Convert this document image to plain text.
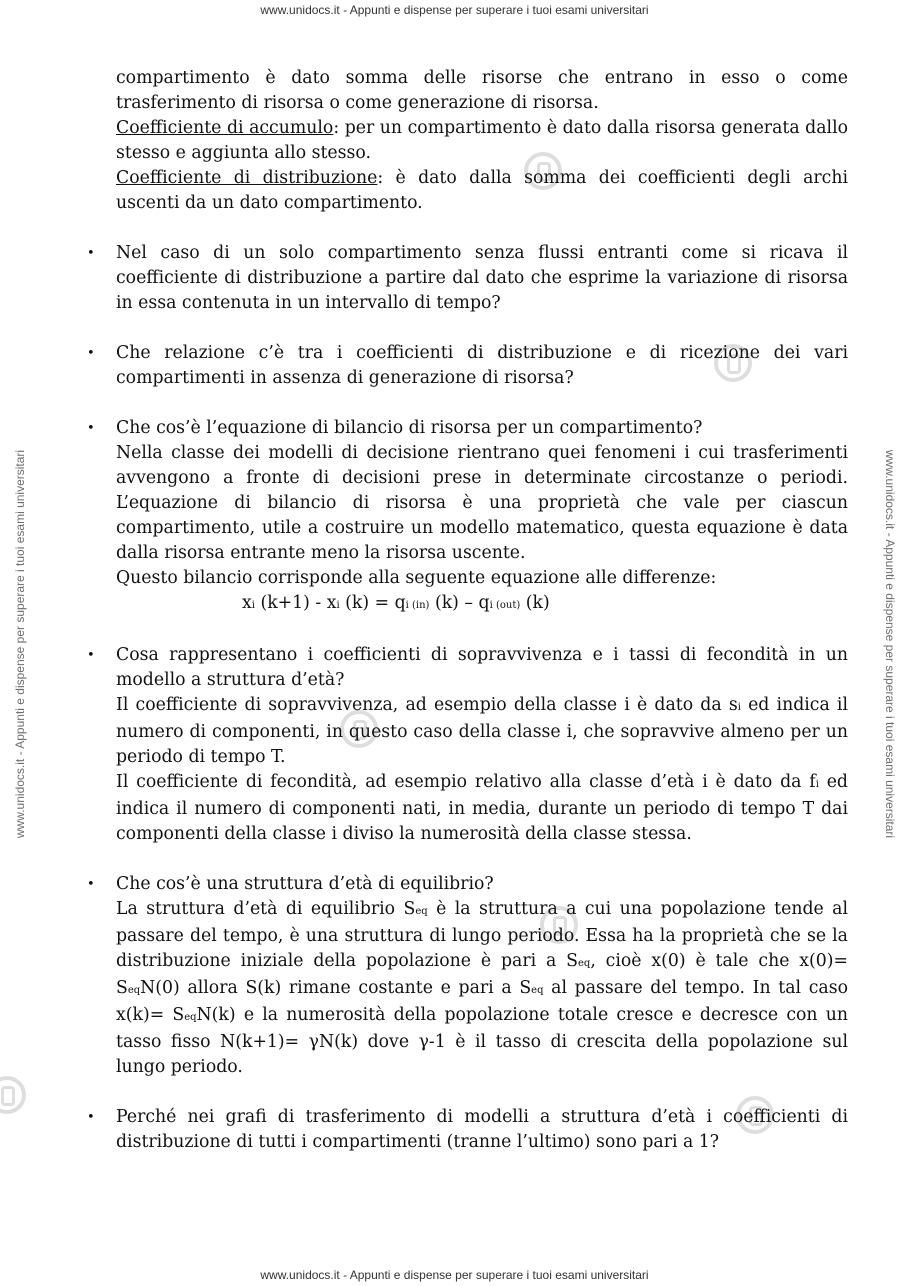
www.unidocs.it - Appunti e dispense per superare i tuoi esami universitari
www.unidocs.it - Appunti e dispense per superare i tuoi esami universitari
www.unidocs.it - Appunti e dispense per superare i tuoi esami universitari	www.unidocs.it - Appunti e dispense per superare i tuoi esami universitari

compartimento è dato somma delle risorse che entrano in esso o come trasferimento di risorsa o come generazione di risorsa.

Coefficiente di accumulo: per un compartimento è dato dalla risorsa generata dallo stesso e aggiunta allo stesso.

Coefficiente di distribuzione: è dato dalla somma dei coefficienti degli archi uscenti da un dato compartimento.

• Nel caso di un solo compartimento senza flussi entranti come si ricava il coefficiente di distribuzione a partire dal dato che esprime la variazione di risorsa in essa contenuta in un intervallo di tempo?

• Che relazione c’è tra i coefficienti di distribuzione e di ricezione dei vari compartimenti in assenza di generazione di risorsa?

• Che cos’è l’equazione di bilancio di risorsa per un compartimento?

Nella classe dei modelli di decisione rientrano quei fenomeni i cui trasferimenti avvengono a fronte di decisioni prese in determinate circostanze o periodi. L’equazione di bilancio di risorsa è una proprietà che vale per ciascun compartimento, utile a costruire un modello matematico, questa equazione è data dalla risorsa entrante meno la risorsa uscente.

Questo bilancio corrisponde alla seguente equazione alle differenze:

xi (k+1) - xi (k) = qi (in) (k) – qi (out) (k)

• Cosa rappresentano i coefficienti di sopravvivenza e i tassi di fecondità in un modello a struttura d’età?

Il coefficiente di sopravvivenza, ad esempio della classe i è dato da si ed indica il numero di componenti, in questo caso della classe i, che sopravvive almeno per un periodo di tempo T.

Il coefficiente di fecondità, ad esempio relativo alla classe d’età i è dato da fi ed indica il numero di componenti nati, in media, durante un periodo di tempo T dai componenti della classe i diviso la numerosità della classe stessa.

• Che cos’è una struttura d’età di equilibrio?

La struttura d’età di equilibrio Seq è la struttura a cui una popolazione tende al passare del tempo, è una struttura di lungo periodo. Essa ha la proprietà che se la distribuzione iniziale della popolazione è pari a Seq, cioè x(0) è tale che x(0)= SeqN(0) allora S(k) rimane costante e pari a Seq al passare del tempo. In tal caso x(k)= SeqN(k) e la numerosità della popolazione totale cresce e decresce con un tasso fisso N(k+1)= γN(k) dove γ-1 è il tasso di crescita della popolazione sul lungo periodo.

• Perché nei grafi di trasferimento di modelli a struttura d’età i coefficienti di distribuzione di tutti i compartimenti (tranne l’ultimo) sono pari a 1?
